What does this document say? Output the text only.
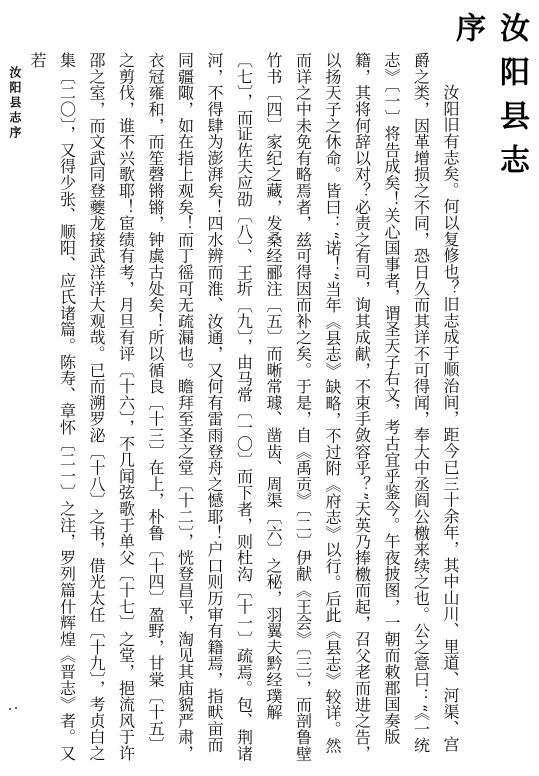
汝阳县志序
汝阳县志序	汝阳旧有志矣。何以复修也？旧志成于顺治间，距今已三十余年，其中山川、里道、河渠、宫爵之类，因革增损之不同，恐日久而其详不可得闻，奉大中丞阎公檄来续之也。公之意曰：“《一统志》〔一〕将告成矣！关心国事者，谓圣天子右文，考古宜乎鉴今。午夜披图，一朝而敕郡国奏版籍，其将何辞以对？必责之有司，询其成献，不束手敛容乎？”天英乃捧檄而起，召父老而进之告，以扬天子之休命。皆曰：“诺！”当年《县志》缺略，不过附《府志》以行。后此《县志》较详。然而详之中未免有略焉者，兹可得因而补之矣。于是，自《禹贡》〔二〕伊献《王会》〔三〕，而剖鲁壁竹书〔四〕家纪之藏，发桑经郦注〔五〕而晰常璩、凿齿、周渠〔六〕之秘，羽翼夫黔经璞解〔七〕，而证佐夫应劭〔八〕、王圻〔九〕，由马常〔一〇〕而下者，则杜沟〔十一〕疏焉。包、荆诸河，不得肆为澎湃矣！四水辨而淮、汝通，又何有雷雨登舟之憾耶！户口则历审有籍焉，指畎亩而同疆陬，如在指上观矣！而丁徭可无疏漏也。瞻拜至圣之堂〔十二〕，恍登昌平，淘见其庙貌严肃，衣冠雍和，而笙磬锵锵，钟虡古处矣！所以循良〔十三〕在上，朴鲁〔十四〕盈野，甘棠〔十五〕之剪伐，谁不兴歌耶！宦绩有考，月旦有评〔十六〕，不几闻弦歌于单父〔十七〕之堂，挹流风于许邵之室，而文武同登夔龙接武洋洋大观哉。已而溯罗泌〔十八〕之书，借光太任〔十九〕，考贞白之集〔二〇〕，又得少张、顺阳、应氏诸篇。陈寿、章怀〔二一〕之注，罗列篇什辉煌《晋志》者。又若
